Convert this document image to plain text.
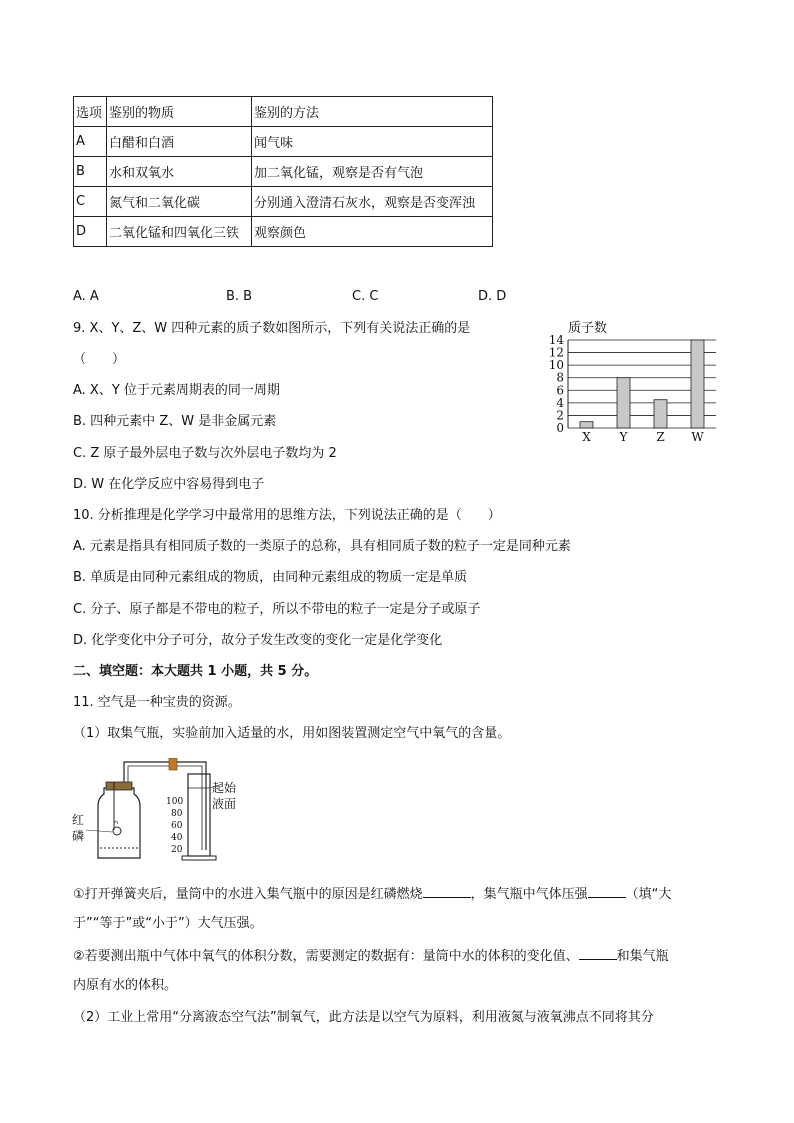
选项	鉴别的物质	鉴别的方法
A	白醋和白酒	闻气味
B	水和双氧水	加二氧化锰，观察是否有气泡
C	氮气和二氧化碳	分别通入澄清石灰水，观察是否变浑浊
D	二氧化锰和四氧化三铁	观察颜色
A. A	B. B	C. C	D. D
9. X、Y、Z、W 四种元素的质子数如图所示，下列有关说法正确的是
（　　）
A. X、Y 位于元素周期表的同一周期
B. 四种元素中 Z、W 是非金属元素
C. Z 原子最外层电子数与次外层电子数均为 2
D. W 在化学反应中容易得到电子
质子数
0
2
4
6
8
10
12
14
X Y Z W
10. 分析推理是化学学习中最常用的思维方法，下列说法正确的是（　　）
A. 元素是指具有相同质子数的一类原子的总称，具有相同质子数的粒子一定是同种元素
B. 单质是由同种元素组成的物质，由同种元素组成的物质一定是单质
C. 分子、原子都是不带电的粒子，所以不带电的粒子一定是分子或原子
D. 化学变化中分子可分，故分子发生改变的变化一定是化学变化
二、填空题：本大题共 1 小题，共 5 分。
11. 空气是一种宝贵的资源。
（1）取集气瓶，实验前加入适量的水，用如图装置测定空气中氧气的含量。
100
80
60
40
20
起始
液面
红
磷
①打开弹簧夹后，量筒中的水进入集气瓶中的原因是红磷燃烧	，集气瓶中气体压强	（填“大
于”“等于”或“小于”）大气压强。
②若要测出瓶中气体中氧气的体积分数，需要测定的数据有：量筒中水的体积的变化值、	和集气瓶
内原有水的体积。
（2）工业上常用“分离液态空气法”制氧气，此方法是以空气为原料，利用液氮与液氧沸点不同将其分
